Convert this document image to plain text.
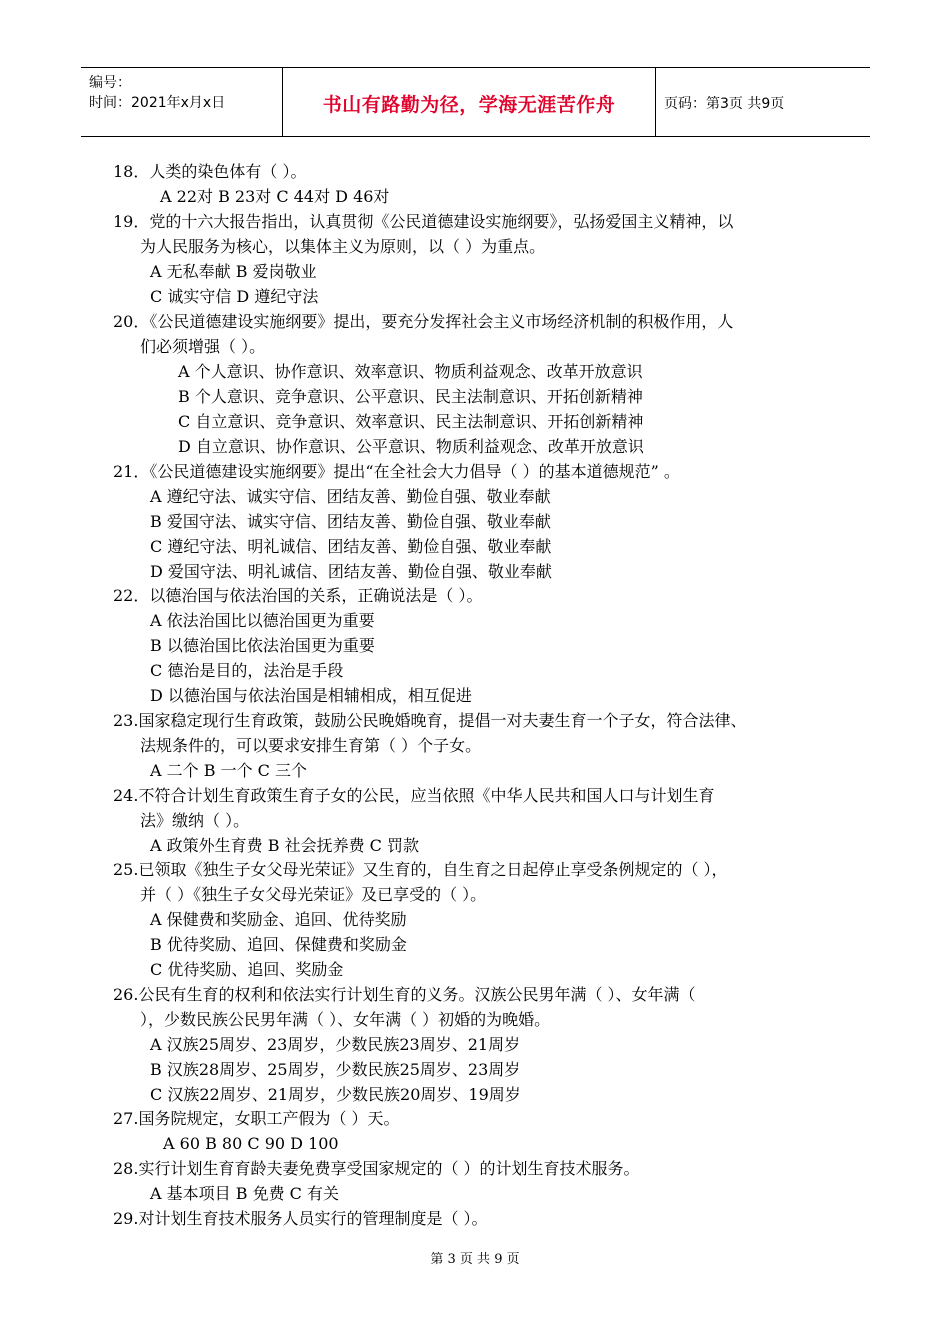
编号：
时间：2021年x月x日	书山有路勤为径，学海无涯苦作舟	页码：第3页 共9页
18．人类的染色体有（ ）。
A 22对 B 23对 C 44对 D 46对
19．党的十六大报告指出，认真贯彻《公民道德建设实施纲要》，弘扬爱国主义精神，以
为人民服务为核心，以集体主义为原则，以（ ）为重点。
A 无私奉献 B 爱岗敬业
C 诚实守信 D 遵纪守法
20．《公民道德建设实施纲要》提出，要充分发挥社会主义市场经济机制的积极作用，人
们必须增强（ ）。
A 个人意识、协作意识、效率意识、物质利益观念、改革开放意识
B 个人意识、竞争意识、公平意识、民主法制意识、开拓创新精神
C 自立意识、竞争意识、效率意识、民主法制意识、开拓创新精神
D 自立意识、协作意识、公平意识、物质利益观念、改革开放意识
21．《公民道德建设实施纲要》提出“在全社会大力倡导（ ）的基本道德规范” 。
A 遵纪守法、诚实守信、团结友善、勤俭自强、敬业奉献
B 爱国守法、诚实守信、团结友善、勤俭自强、敬业奉献
C 遵纪守法、明礼诚信、团结友善、勤俭自强、敬业奉献
D 爱国守法、明礼诚信、团结友善、勤俭自强、敬业奉献
22．以德治国与依法治国的关系，正确说法是（ ）。
A 依法治国比以德治国更为重要
B 以德治国比依法治国更为重要
C 德治是目的，法治是手段
D 以德治国与依法治国是相辅相成，相互促进
23.国家稳定现行生育政策，鼓励公民晚婚晚育，提倡一对夫妻生育一个子女，符合法律、
法规条件的，可以要求安排生育第（ ）个子女。
A 二个 B 一个 C 三个
24.不符合计划生育政策生育子女的公民，应当依照《中华人民共和国人口与计划生育
法》缴纳（ ）。
A 政策外生育费 B 社会抚养费 C 罚款
25.已领取《独生子女父母光荣证》又生育的，自生育之日起停止享受条例规定的（ ），
并（ ）《独生子女父母光荣证》及已享受的（ ）。
A 保健费和奖励金、追回、优待奖励
B 优待奖励、追回、保健费和奖励金
C 优待奖励、追回、奖励金
26.公民有生育的权利和依法实行计划生育的义务。汉族公民男年满（ ）、女年满（
），少数民族公民男年满（ ）、女年满（ ）初婚的为晚婚。
A 汉族25周岁、23周岁，少数民族23周岁、21周岁
B 汉族28周岁、25周岁，少数民族25周岁、23周岁
C 汉族22周岁、21周岁，少数民族20周岁、19周岁
27.国务院规定，女职工产假为（ ）天。
A 60 B 80 C 90 D 100
28.实行计划生育育龄夫妻免费享受国家规定的（ ）的计划生育技术服务。
A 基本项目 B 免费 C 有关
29.对计划生育技术服务人员实行的管理制度是（ ）。
第 3 页 共 9 页
